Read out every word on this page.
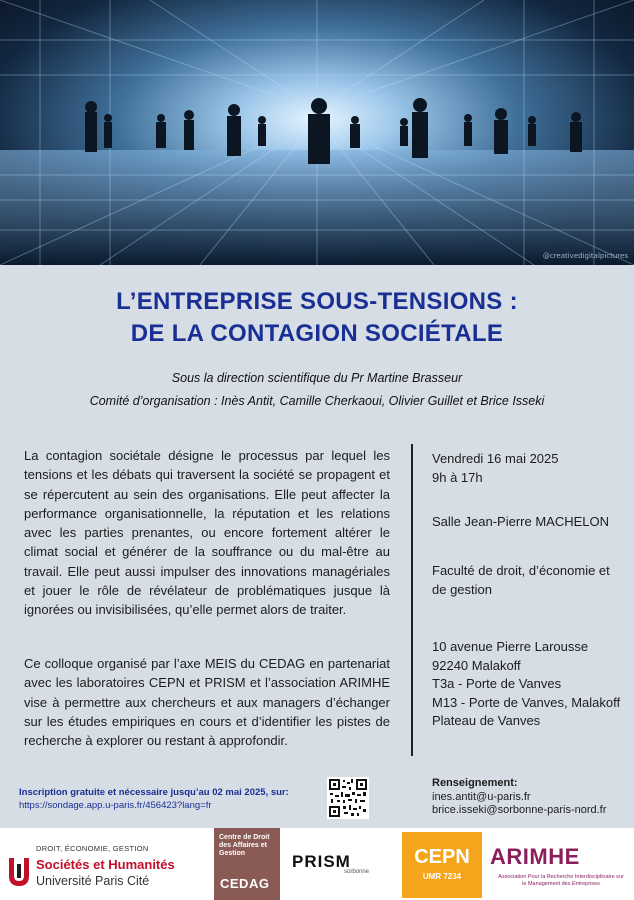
@creativedigitalpictures
L’ENTREPRISE SOUS-TENSIONS :
DE LA CONTAGION SOCIÉTALE
Sous la direction scientifique du Pr Martine Brasseur
Comité d’organisation : Inès Antit, Camille Cherkaoui, Olivier Guillet et Brice Isseki
La contagion sociétale désigne le processus par lequel les tensions et les débats qui traversent la société se propagent et se répercutent au sein des organisations. Elle peut affecter la performance organisationnelle, la réputation et les relations avec les parties prenantes, ou encore fortement altérer le climat social et générer de la souffrance ou du mal-être au travail. Elle peut aussi impulser des innovations managériales et jouer le rôle de révélateur de problématiques jusque là ignorées ou invisibilisées, qu’elle permet alors de traiter.
Ce colloque organisé par l’axe MEIS du CEDAG en partenariat avec les laboratoires CEPN et PRISM et l’association ARIMHE vise à permettre aux chercheurs et aux managers d’échanger sur les études empiriques en cours et d’identifier les pistes de recherche à explorer ou restant à approfondir.
Vendredi 16 mai 2025
9h à 17h
Salle Jean-Pierre MACHELON
Faculté de droit, d’économie et
de gestion
10 avenue Pierre Larousse
92240 Malakoff
T3a - Porte de Vanves
M13 - Porte de Vanves, Malakoff
Plateau de Vanves
Inscription gratuite et nécessaire jusqu’au 02 mai 2025, sur:
https://sondage.app.u-paris.fr/456423?lang=fr
Renseignement:
ines.antit@u-paris.fr
brice.isseki@sorbonne-paris-nord.fr
DROIT, ÉCONOMIE, GESTION
Sociétés et Humanités
Université Paris Cité
Centre de Droit des Affaires et Gestion
CEDAG
PRISM
sorbonne
CEPN
UMR 7234
ARIMHE
Association Pour la Recherche Interdisciplinaire sur le Management des Entreprises
